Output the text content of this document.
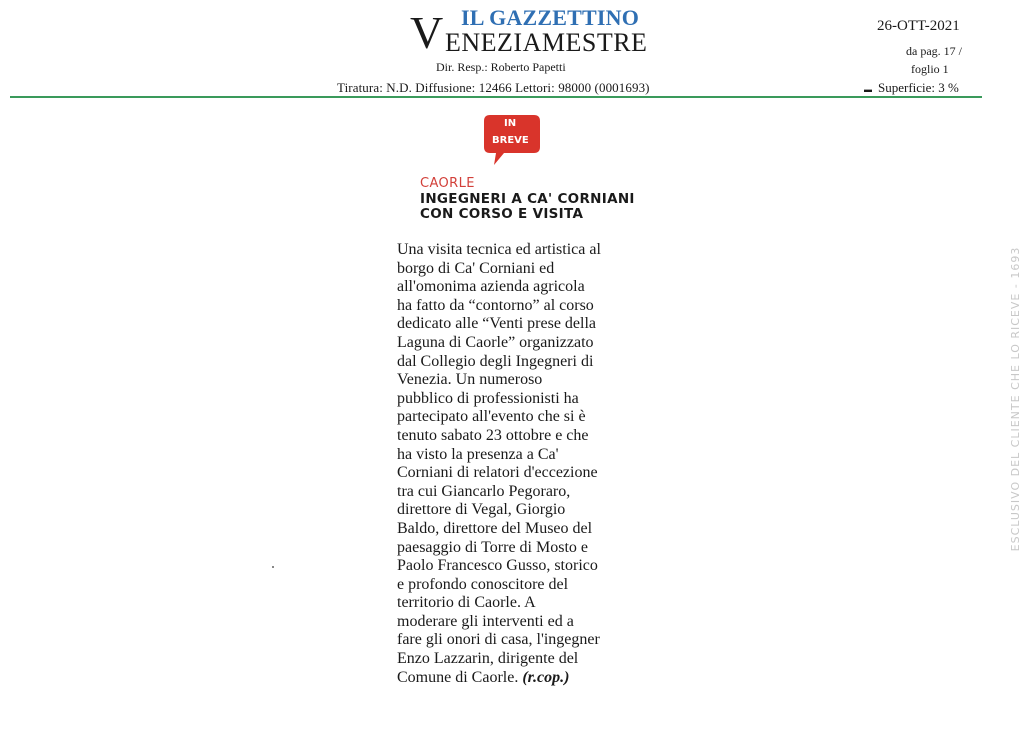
IL GAZZETTINO
V ENEZIAMESTRE
Dir. Resp.: Roberto Papetti
Tiratura: N.D. Diffusione: 12466 Lettori: 98000 (0001693)
26-OTT-2021
da pag. 17 /
foglio 1
▬ Superficie: 3 %
IN
BREVE
CAORLE
INGEGNERI A CA' CORNIANI
CON CORSO E VISITA
Una visita tecnica ed artistica al
borgo di Ca' Corniani ed
all'omonima azienda agricola
ha fatto da “contorno” al corso
dedicato alle “Venti prese della
Laguna di Caorle” organizzato
dal Collegio degli Ingegneri di
Venezia. Un numeroso
pubblico di professionisti ha
partecipato all'evento che si è
tenuto sabato 23 ottobre e che
ha visto la presenza a Ca'
Corniani di relatori d'eccezione
tra cui Giancarlo Pegoraro,
direttore di Vegal, Giorgio
Baldo, direttore del Museo del
paesaggio di Torre di Mosto e
Paolo Francesco Gusso, storico
e profondo conoscitore del
territorio di Caorle. A
moderare gli interventi ed a
fare gli onori di casa, l'ingegner
Enzo Lazzarin, dirigente del
Comune di Caorle. (r.cop.)
ESCLUSIVO DEL CLIENTE CHE LO RICEVE - 1693
